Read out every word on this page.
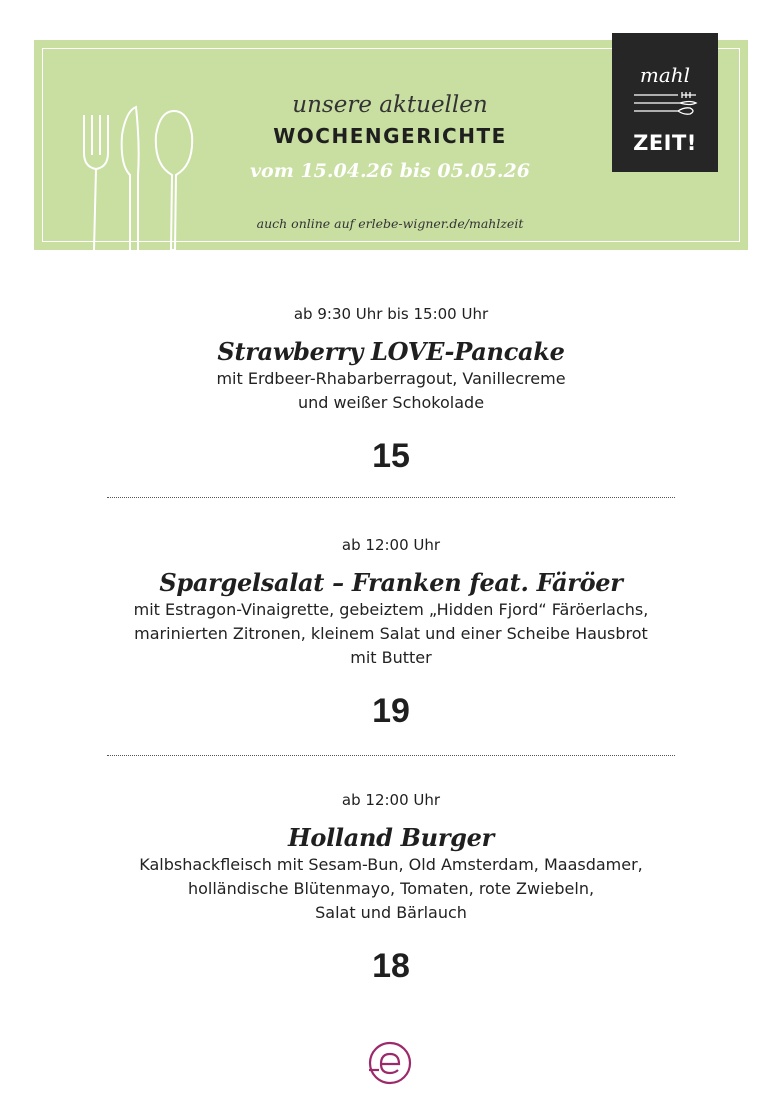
unsere aktuellen
WOCHENGERICHTE
vom 15.04.26 bis 05.05.26
auch online auf erlebe-wigner.de/mahlzeit
mahl
ZEIT!
ab 9:30 Uhr bis 15:00 Uhr
Strawberry LOVE-Pancake
mit Erdbeer-Rhabarberragout, Vanillecreme
und weißer Schokolade
15
ab 12:00 Uhr
Spargelsalat – Franken feat. Färöer
mit Estragon-Vinaigrette, gebeiztem „Hidden Fjord“ Färöerlachs,
marinierten Zitronen, kleinem Salat und einer Scheibe Hausbrot
mit Butter
19
ab 12:00 Uhr
Holland Burger
Kalbshackfleisch mit Sesam-Bun, Old Amsterdam, Maasdamer,
holländische Blütenmayo, Tomaten, rote Zwiebeln,
Salat und Bärlauch
18
